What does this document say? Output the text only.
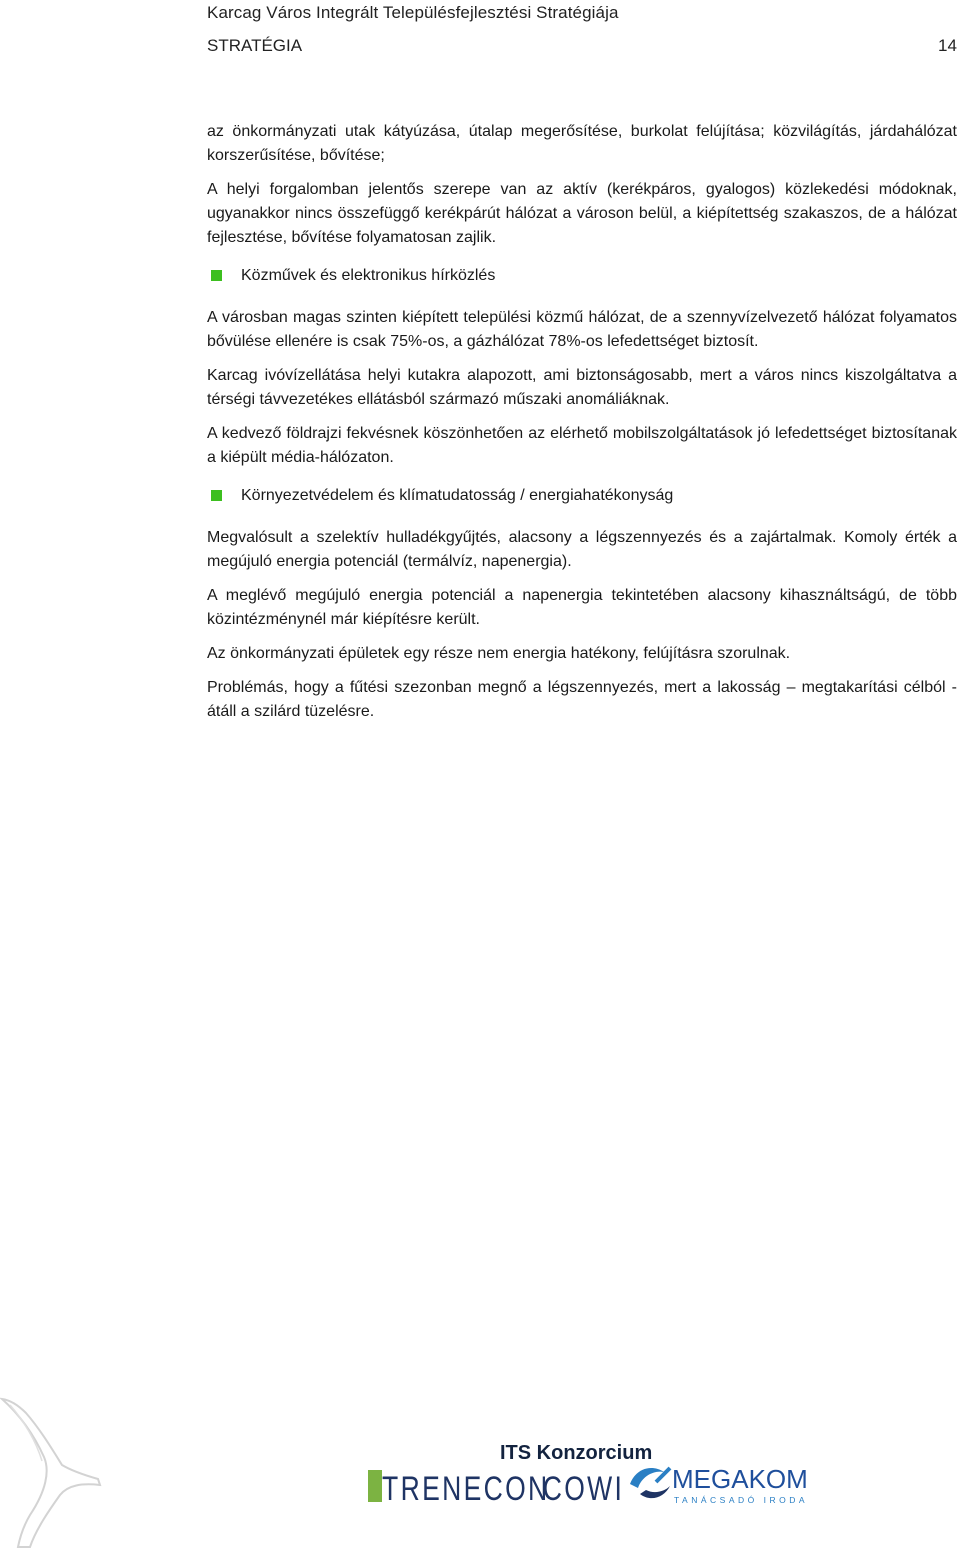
Karcag Város Integrált Településfejlesztési Stratégiája
STRATÉGIA	14

az önkormányzati utak kátyúzása, útalap megerősítése, burkolat felújítása; közvilágítás, járdahálózat korszerűsítése, bővítése;

A helyi forgalomban jelentős szerepe van az aktív (kerékpáros, gyalogos) közlekedési módoknak, ugyanakkor nincs összefüggő kerékpárút hálózat a városon belül, a kiépítettség szakaszos, de a hálózat fejlesztése, bővítése folyamatosan zajlik.

Közművek és elektronikus hírközlés

A városban magas szinten kiépített települési közmű hálózat, de a szennyvízelvezető hálózat folyamatos bővülése ellenére is csak 75%-os, a gázhálózat 78%-os lefedettséget biztosít.

Karcag ivóvízellátása helyi kutakra alapozott, ami biztonságosabb, mert a város nincs kiszolgáltatva a térségi távvezetékes ellátásból származó műszaki anomáliáknak.

A kedvező földrajzi fekvésnek köszönhetően az elérhető mobilszolgáltatások jó lefedettséget biztosítanak a kiépült média-hálózaton.

Környezetvédelem és klímatudatosság / energiahatékonyság

Megvalósult a szelektív hulladékgyűjtés, alacsony a légszennyezés és a zajártalmak. Komoly érték a megújuló energia potenciál (termálvíz, napenergia).

A meglévő megújuló energia potenciál a napenergia tekintetében alacsony kihasználtságú, de több közintézménynél már kiépítésre került.

Az önkormányzati épületek egy része nem energia hatékony, felújításra szorulnak.

Problémás, hogy a fűtési szezonban megnő a légszennyezés, mert a lakosság – megtakarítási célból - átáll a szilárd tüzelésre.

ITS Konzorcium
TRENECON
COWI MEGAKOM
TANÁCSADÓ IRODA
